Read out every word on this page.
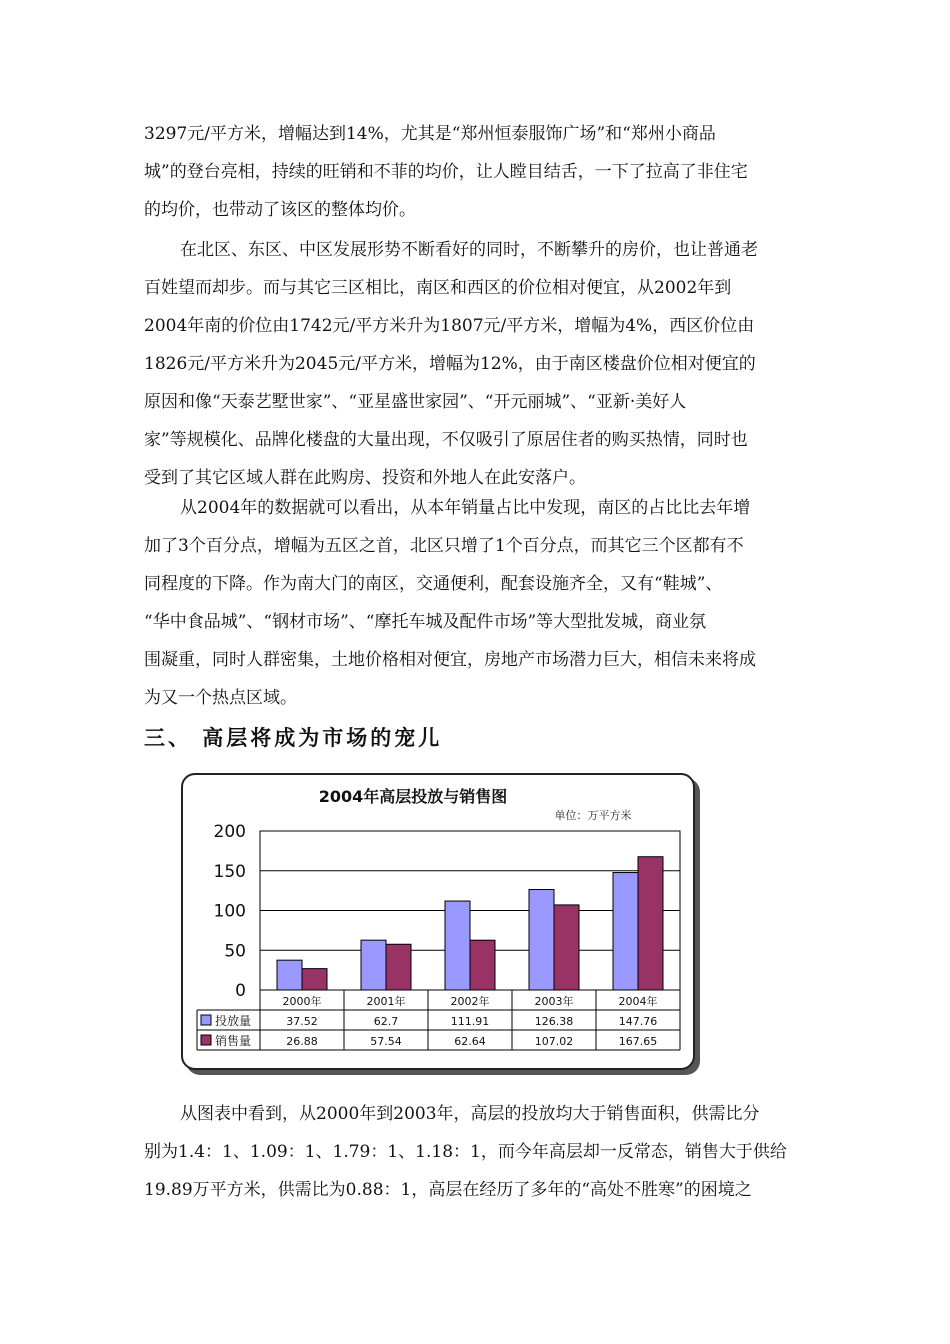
3297元/平方米，增幅达到14%，尤其是“郑州恒泰服饰广场”和“郑州小商品
城”的登台亮相，持续的旺销和不菲的均价，让人瞠目结舌，一下了拉高了非住宅
的均价，也带动了该区的整体均价。

在北区、东区、中区发展形势不断看好的同时，不断攀升的房价，也让普通老
百姓望而却步。而与其它三区相比，南区和西区的价位相对便宜，从2002年到
2004年南的价位由1742元/平方米升为1807元/平方米，增幅为4%，西区价位由
1826元/平方米升为2045元/平方米，增幅为12%，由于南区楼盘价位相对便宜的
原因和像“天泰艺墅世家”、“亚星盛世家园”、“开元丽城”、“亚新·美好人
家”等规模化、品牌化楼盘的大量出现，不仅吸引了原居住者的购买热情，同时也
受到了其它区域人群在此购房、投资和外地人在此安落户。

从2004年的数据就可以看出，从本年销量占比中发现，南区的占比比去年增
加了3个百分点，增幅为五区之首，北区只增了1个百分点，而其它三个区都有不
同程度的下降。作为南大门的南区，交通便利，配套设施齐全，又有“鞋城”、
“华中食品城”、“钢材市场”、“摩托车城及配件市场”等大型批发城，商业氛
围凝重，同时人群密集，土地价格相对便宜，房地产市场潜力巨大，相信未来将成
为又一个热点区域。

三、 高层将成为市场的宠儿
2004年高层投放与销售图
单位：万平方米
0
50
100
150
200
2000年	2001年	2002年	2003年	2004年
投放量	37.52	62.7	111.91	126.38	147.76
销售量	26.88	57.54	62.64	107.02	167.65

从图表中看到，从2000年到2003年，高层的投放均大于销售面积，供需比分
别为1.4：1、1.09：1、1.79：1、1.18：1，而今年高层却一反常态，销售大于供给
19.89万平方米，供需比为0.88：1，高层在经历了多年的“高处不胜寒”的困境之
